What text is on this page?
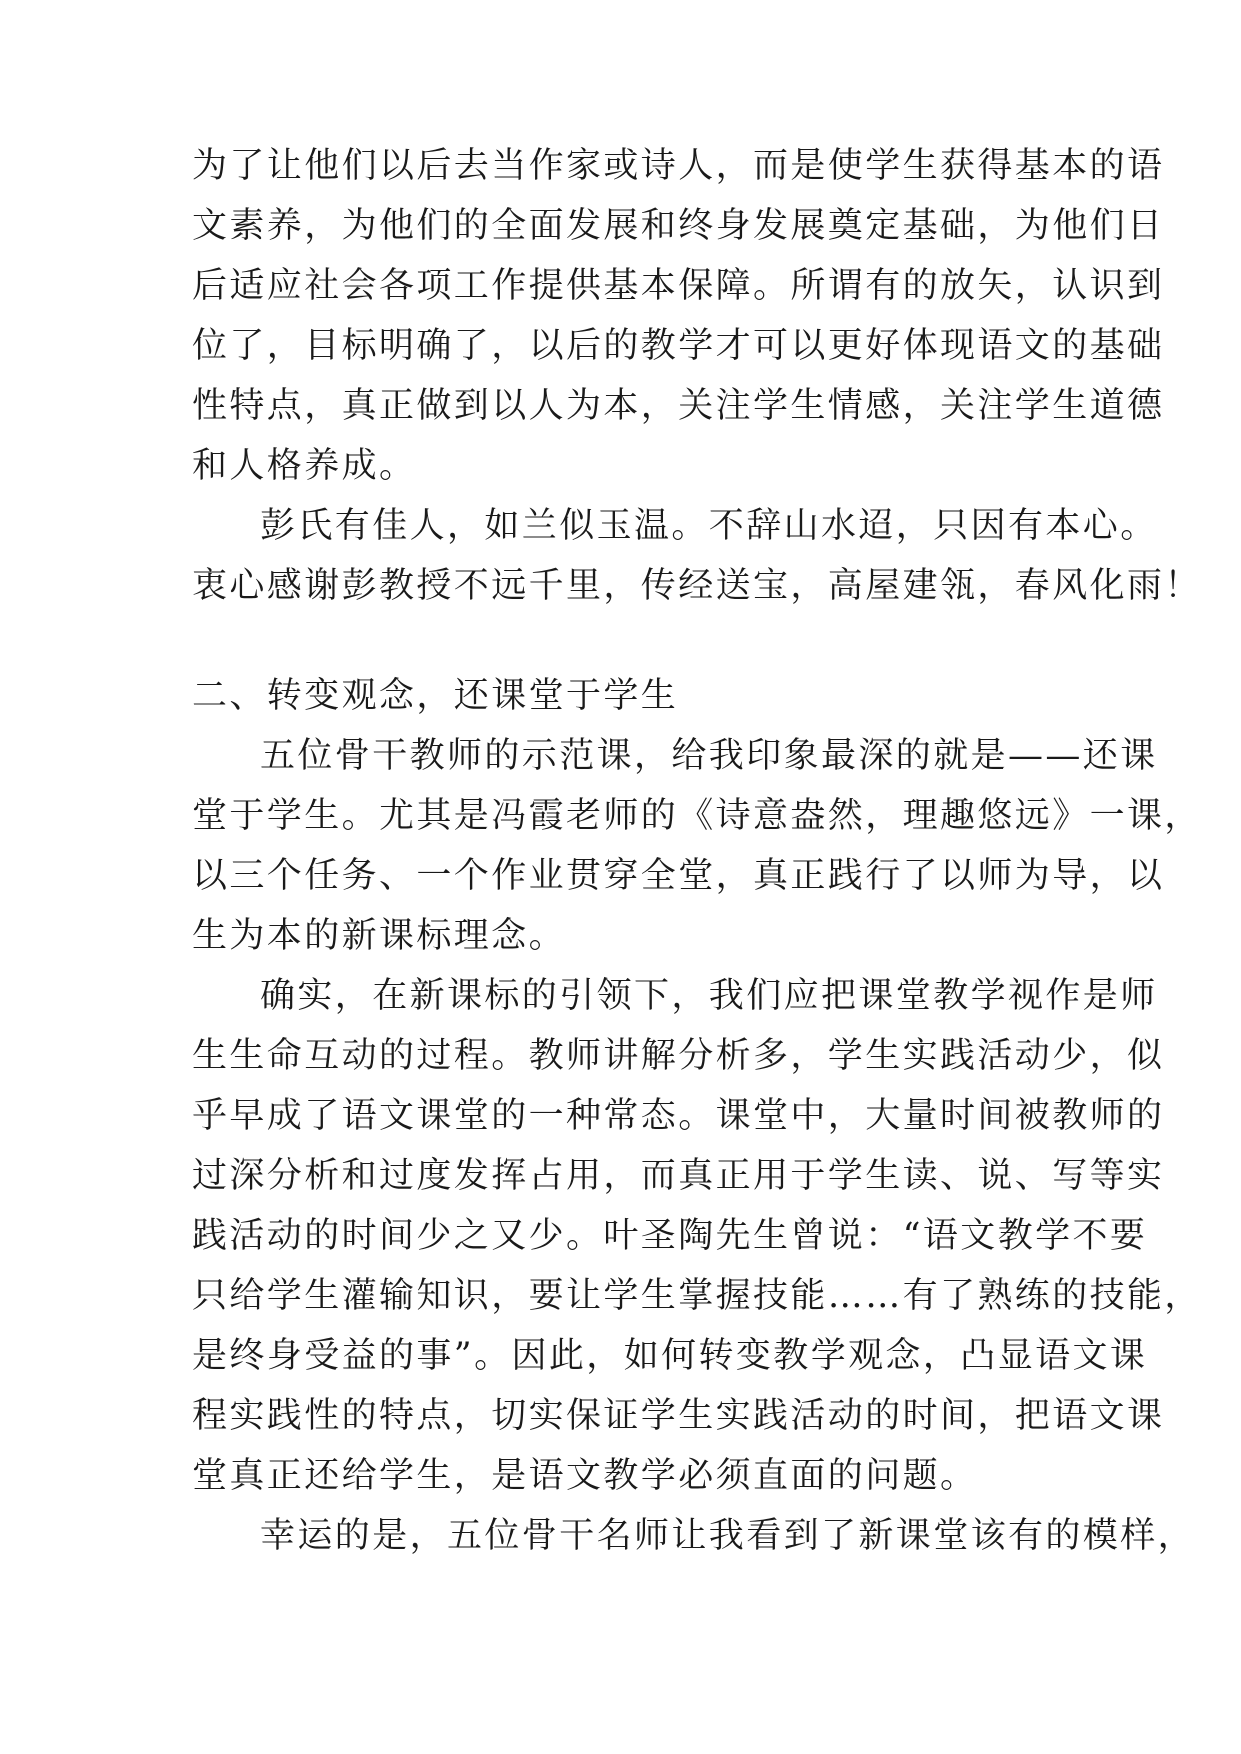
为了让他们以后去当作家或诗人，而是使学生获得基本的语
文素养，为他们的全面发展和终身发展奠定基础，为他们日
后适应社会各项工作提供基本保障。所谓有的放矢，认识到
位了，目标明确了，以后的教学才可以更好体现语文的基础
性特点，真正做到以人为本，关注学生情感，关注学生道德
和人格养成。
彭氏有佳人，如兰似玉温。不辞山水迢，只因有本心。
衷心感谢彭教授不远千里，传经送宝，高屋建瓴，春风化雨！
二、转变观念，还课堂于学生
五位骨干教师的示范课，给我印象最深的就是——还课
堂于学生。尤其是冯霞老师的《诗意盎然，理趣悠远》一课，
以三个任务、一个作业贯穿全堂，真正践行了以师为导，以
生为本的新课标理念。
确实，在新课标的引领下，我们应把课堂教学视作是师
生生命互动的过程。教师讲解分析多，学生实践活动少，似
乎早成了语文课堂的一种常态。课堂中，大量时间被教师的
过深分析和过度发挥占用，而真正用于学生读、说、写等实
践活动的时间少之又少。叶圣陶先生曾说：“语文教学不要
只给学生灌输知识，要让学生掌握技能……有了熟练的技能，
是终身受益的事”。因此，如何转变教学观念，凸显语文课
程实践性的特点，切实保证学生实践活动的时间，把语文课
堂真正还给学生，是语文教学必须直面的问题。
幸运的是，五位骨干名师让我看到了新课堂该有的模样，
